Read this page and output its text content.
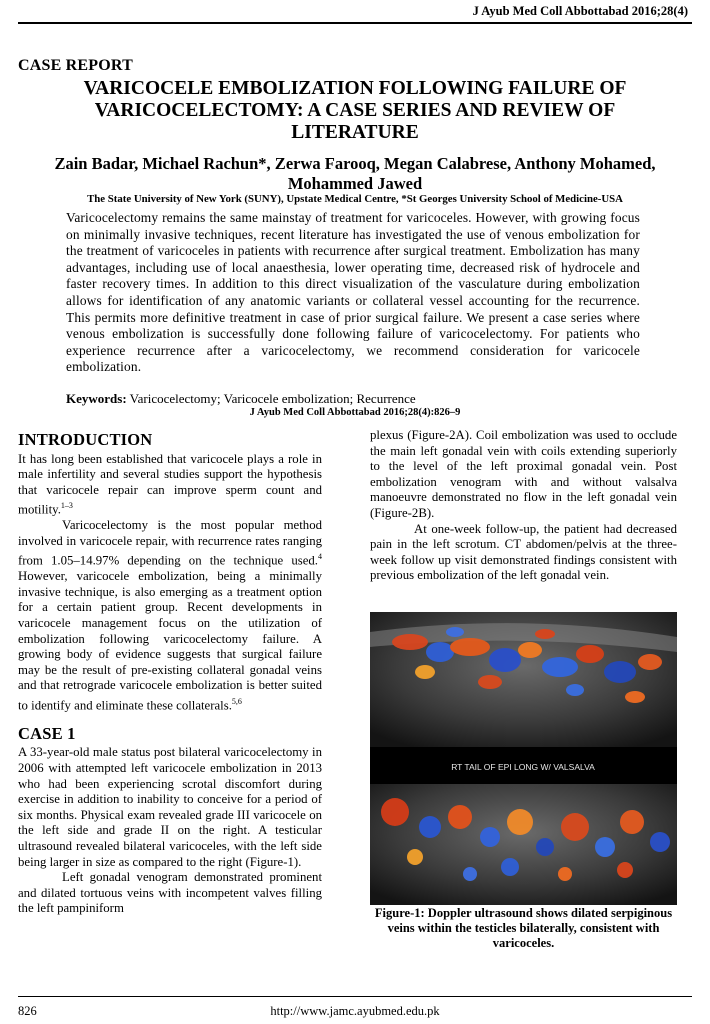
J Ayub Med Coll Abbottabad 2016;28(4)
CASE REPORT
VARICOCELE EMBOLIZATION FOLLOWING FAILURE OF VARICOCELECTOMY: A CASE SERIES AND REVIEW OF LITERATURE
Zain Badar, Michael Rachun*, Zerwa Farooq, Megan Calabrese, Anthony Mohamed, Mohammed Jawed
The State University of New York (SUNY), Upstate Medical Centre, *St Georges University School of Medicine-USA
Varicocelectomy remains the same mainstay of treatment for varicoceles. However, with growing focus on minimally invasive techniques, recent literature has investigated the use of venous embolization for the treatment of varicoceles in patients with recurrence after surgical treatment. Embolization has many advantages, including use of local anaesthesia, lower operating time, decreased risk of hydrocele and faster recovery times. In addition to this direct visualization of the vasculature during embolization allows for identification of any anatomic variants or collateral vessel accounting for the recurrence. This permits more definitive treatment in case of prior surgical failure. We present a case series where venous embolization is successfully done following failure of varicocelectomy. For patients who experience recurrence after a varicocelectomy, we recommend consideration for varicocele embolization.
Keywords: Varicocelectomy; Varicocele embolization; Recurrence
J Ayub Med Coll Abbottabad 2016;28(4):826–9
INTRODUCTION

It has long been established that varicocele plays a role in male infertility and several studies support the hypothesis that varicocele repair can improve sperm count and motility.$^{1-3}$

Varicocelectomy is the most popular method involved in varicocele repair, with recurrence rates ranging from 1.05–14.97% depending on the technique used.$^4$ However, varicocele embolization, being a minimally invasive technique, is also emerging as a treatment option for a certain patient group. Recent developments in varicocele management focus on the utilization of embolization following varicocelectomy failure. A growing body of evidence suggests that surgical failure may be the result of pre-existing collateral gonadal veins and that retrograde varicocele embolization is better suited to identify and eliminate these collaterals.$^{5,6}$

CASE 1

A 33-year-old male status post bilateral varicocelectomy in 2006 with attempted left varicocele embolization in 2013 who had been experiencing scrotal discomfort during exercise in addition to inability to conceive for a period of six months. Physical exam revealed grade III varicocele on the left side and grade II on the right. A testicular ultrasound revealed bilateral varicoceles, with the left side being larger in size as compared to the right (Figure-1).

Left gonadal venogram demonstrated prominent and dilated tortuous veins with incompetent valves filling the left pampiniform

plexus (Figure-2A). Coil embolization was used to occlude the main left gonadal vein with coils extending superiorly to the level of the left proximal gonadal vein. Post embolization venogram with and without valsalva manoeuvre demonstrated no flow in the left gonadal vein (Figure-2B).

At one-week follow-up, the patient had decreased pain in the left scrotum. CT abdomen/pelvis at the three-week follow up visit demonstrated findings consistent with previous embolization of the left gonadal vein.

RT TAIL OF EPI LONG W/ VALSALVA
Figure-1: Doppler ultrasound shows dilated serpiginous veins within the testicles bilaterally, consistent with varicoceles.
826	http://www.jamc.ayubmed.edu.pk
